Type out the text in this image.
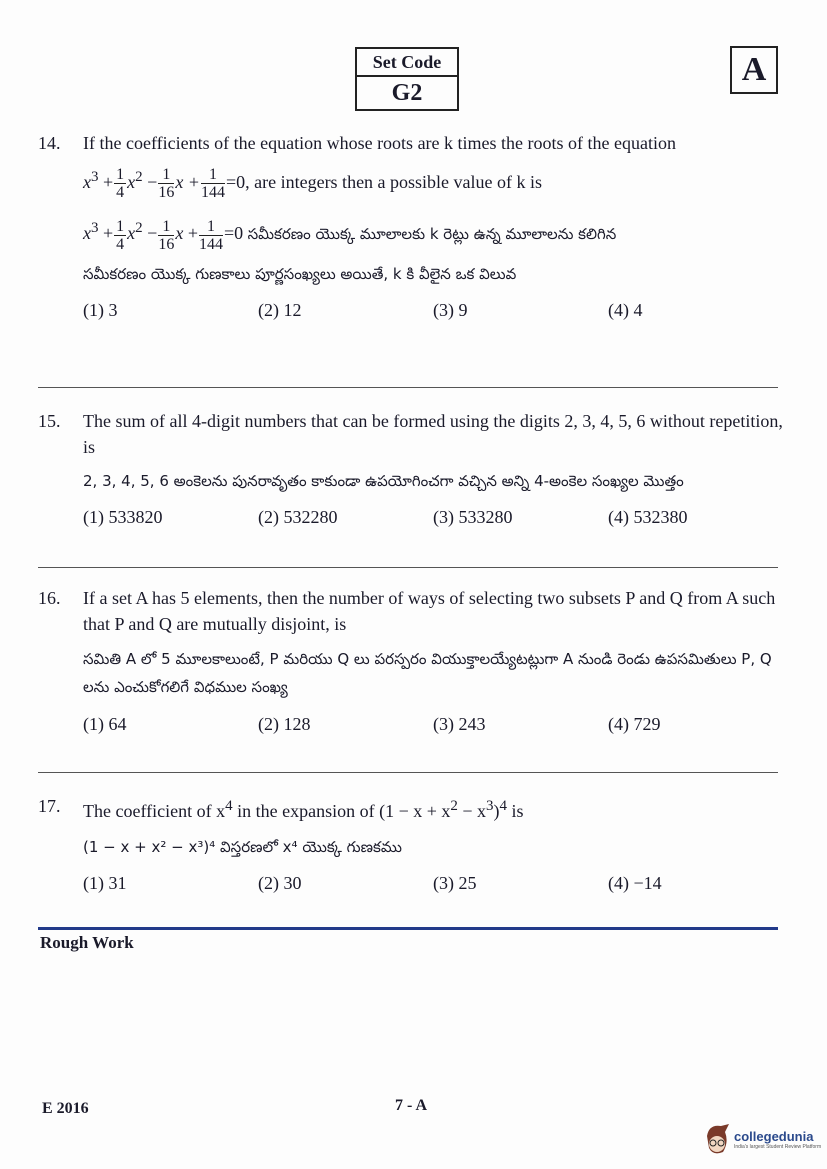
Set Code
G2
A
14. If the coefficients of the equation whose roots are k times the roots of the equation
$x^3 + \frac{1}{4} x^2 - \frac{1}{16}$ $x + \frac{1}{144} =0$, are integers then a possible value of k is
$x^3 + \frac{1}{4} x^2 - \frac{1}{16}$ $x + \frac{1}{144} =0$ సమీకరణం యొక్క మూలాలకు k రెట్లు ఉన్న మూలాలను కలిగిన
సమీకరణం యొక్క గుణకాలు పూర్ణసంఖ్యలు అయితే, k కి వీలైన ఒక విలువ
(1) 3	(2) 12	(3) 9	(4) 4
15. The sum of all 4-digit numbers that can be formed using the digits 2, 3, 4, 5, 6 without repetition, is
2, 3, 4, 5, 6 అంకెలను పునరావృతం కాకుండా ఉపయోగించగా వచ్చిన అన్ని 4-అంకెల సంఖ్యల మొత్తం
(1) 533820	(2) 532280	(3) 533280	(4) 532380
16. If a set A has 5 elements, then the number of ways of selecting two subsets P and Q from A such that P and Q are mutually disjoint, is
సమితి A లో 5 మూలకాలుంటే, P మరియు Q లు పరస్పరం వియుక్తాలయ్యేటట్లుగా A నుండి రెండు ఉపసమితులు P, Q లను ఎంచుకోగలిగే విధముల సంఖ్య
(1) 64	(2) 128	(3) 243	(4) 729
17. The coefficient of $x^4$ in the expansion of $(1 - x + x^2 - x^3)^4$ is
(1 − x + x² − x³)⁴ విస్తరణలో x⁴ యొక్క గుణకము
(1) 31	(2) 30	(3) 25	(4) −14
Rough Work
E 2016	7 - A
collegedunia
India's largest Student Review Platform
